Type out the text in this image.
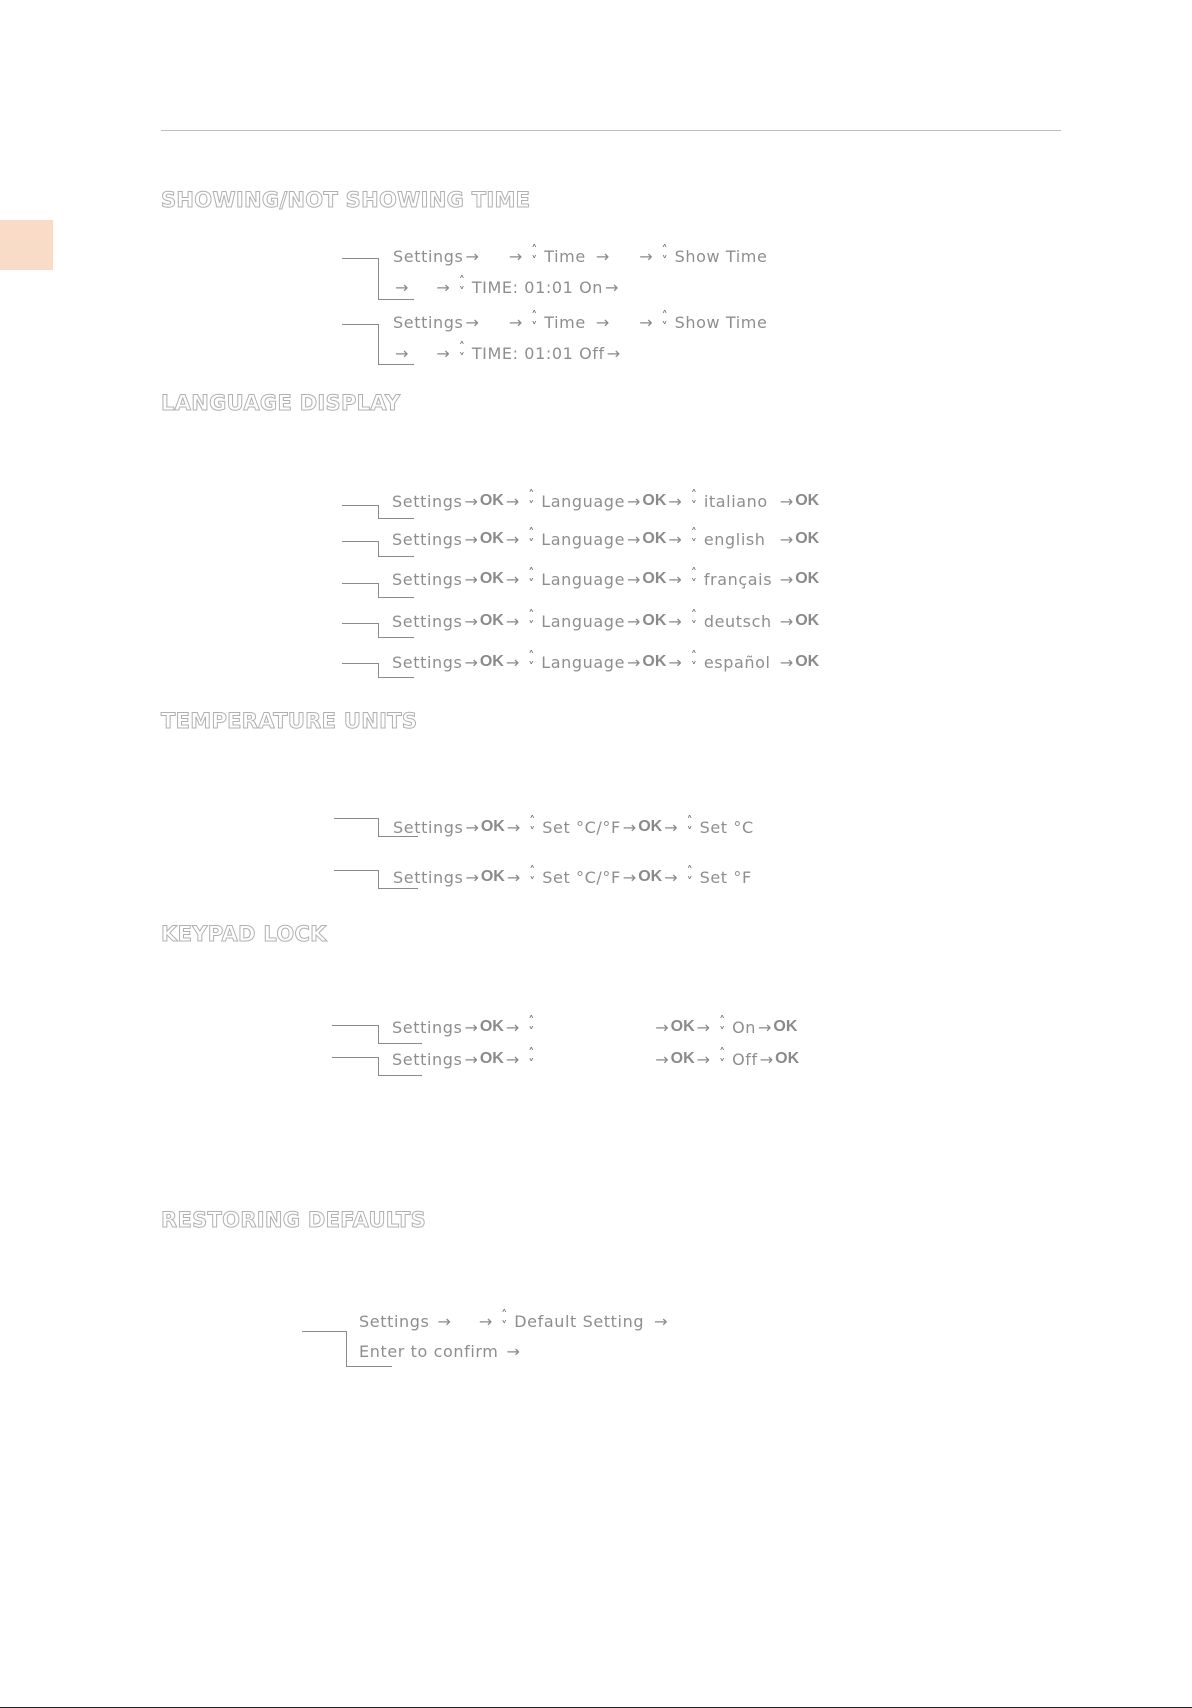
SHOWING/NOT SHOWING TIME
Settings → → ˄
˅ Time → → ˄
˅ Show Time
→ → ˄
˅ TIME: 01:01 On →
Settings → → ˄
˅ Time → → ˄
˅ Show Time
→ → ˄
˅ TIME: 01:01 Off →
LANGUAGE DISPLAY
Settings → OK → ˄
˅ Language → OK → ˄
˅ italiano → OK
Settings → OK → ˄
˅ Language → OK → ˄
˅ english → OK
Settings → OK → ˄
˅ Language → OK → ˄
˅ français → OK
Settings → OK → ˄
˅ Language → OK → ˄
˅ deutsch → OK
Settings → OK → ˄
˅ Language → OK → ˄
˅ español → OK
TEMPERATURE UNITS
Settings → OK → ˄
˅ Set °C/°F → OK → ˄
˅ Set °C
Settings → OK → ˄
˅ Set °C/°F → OK → ˄
˅ Set °F
KEYPAD LOCK
Settings → OK → ˄
˅	→ OK → ˄
˅ On → OK
Settings → OK → ˄
˅	→ OK → ˄
˅ Off → OK
RESTORING DEFAULTS
Settings → → ˄
˅ Default Setting →
Enter to confirm →
